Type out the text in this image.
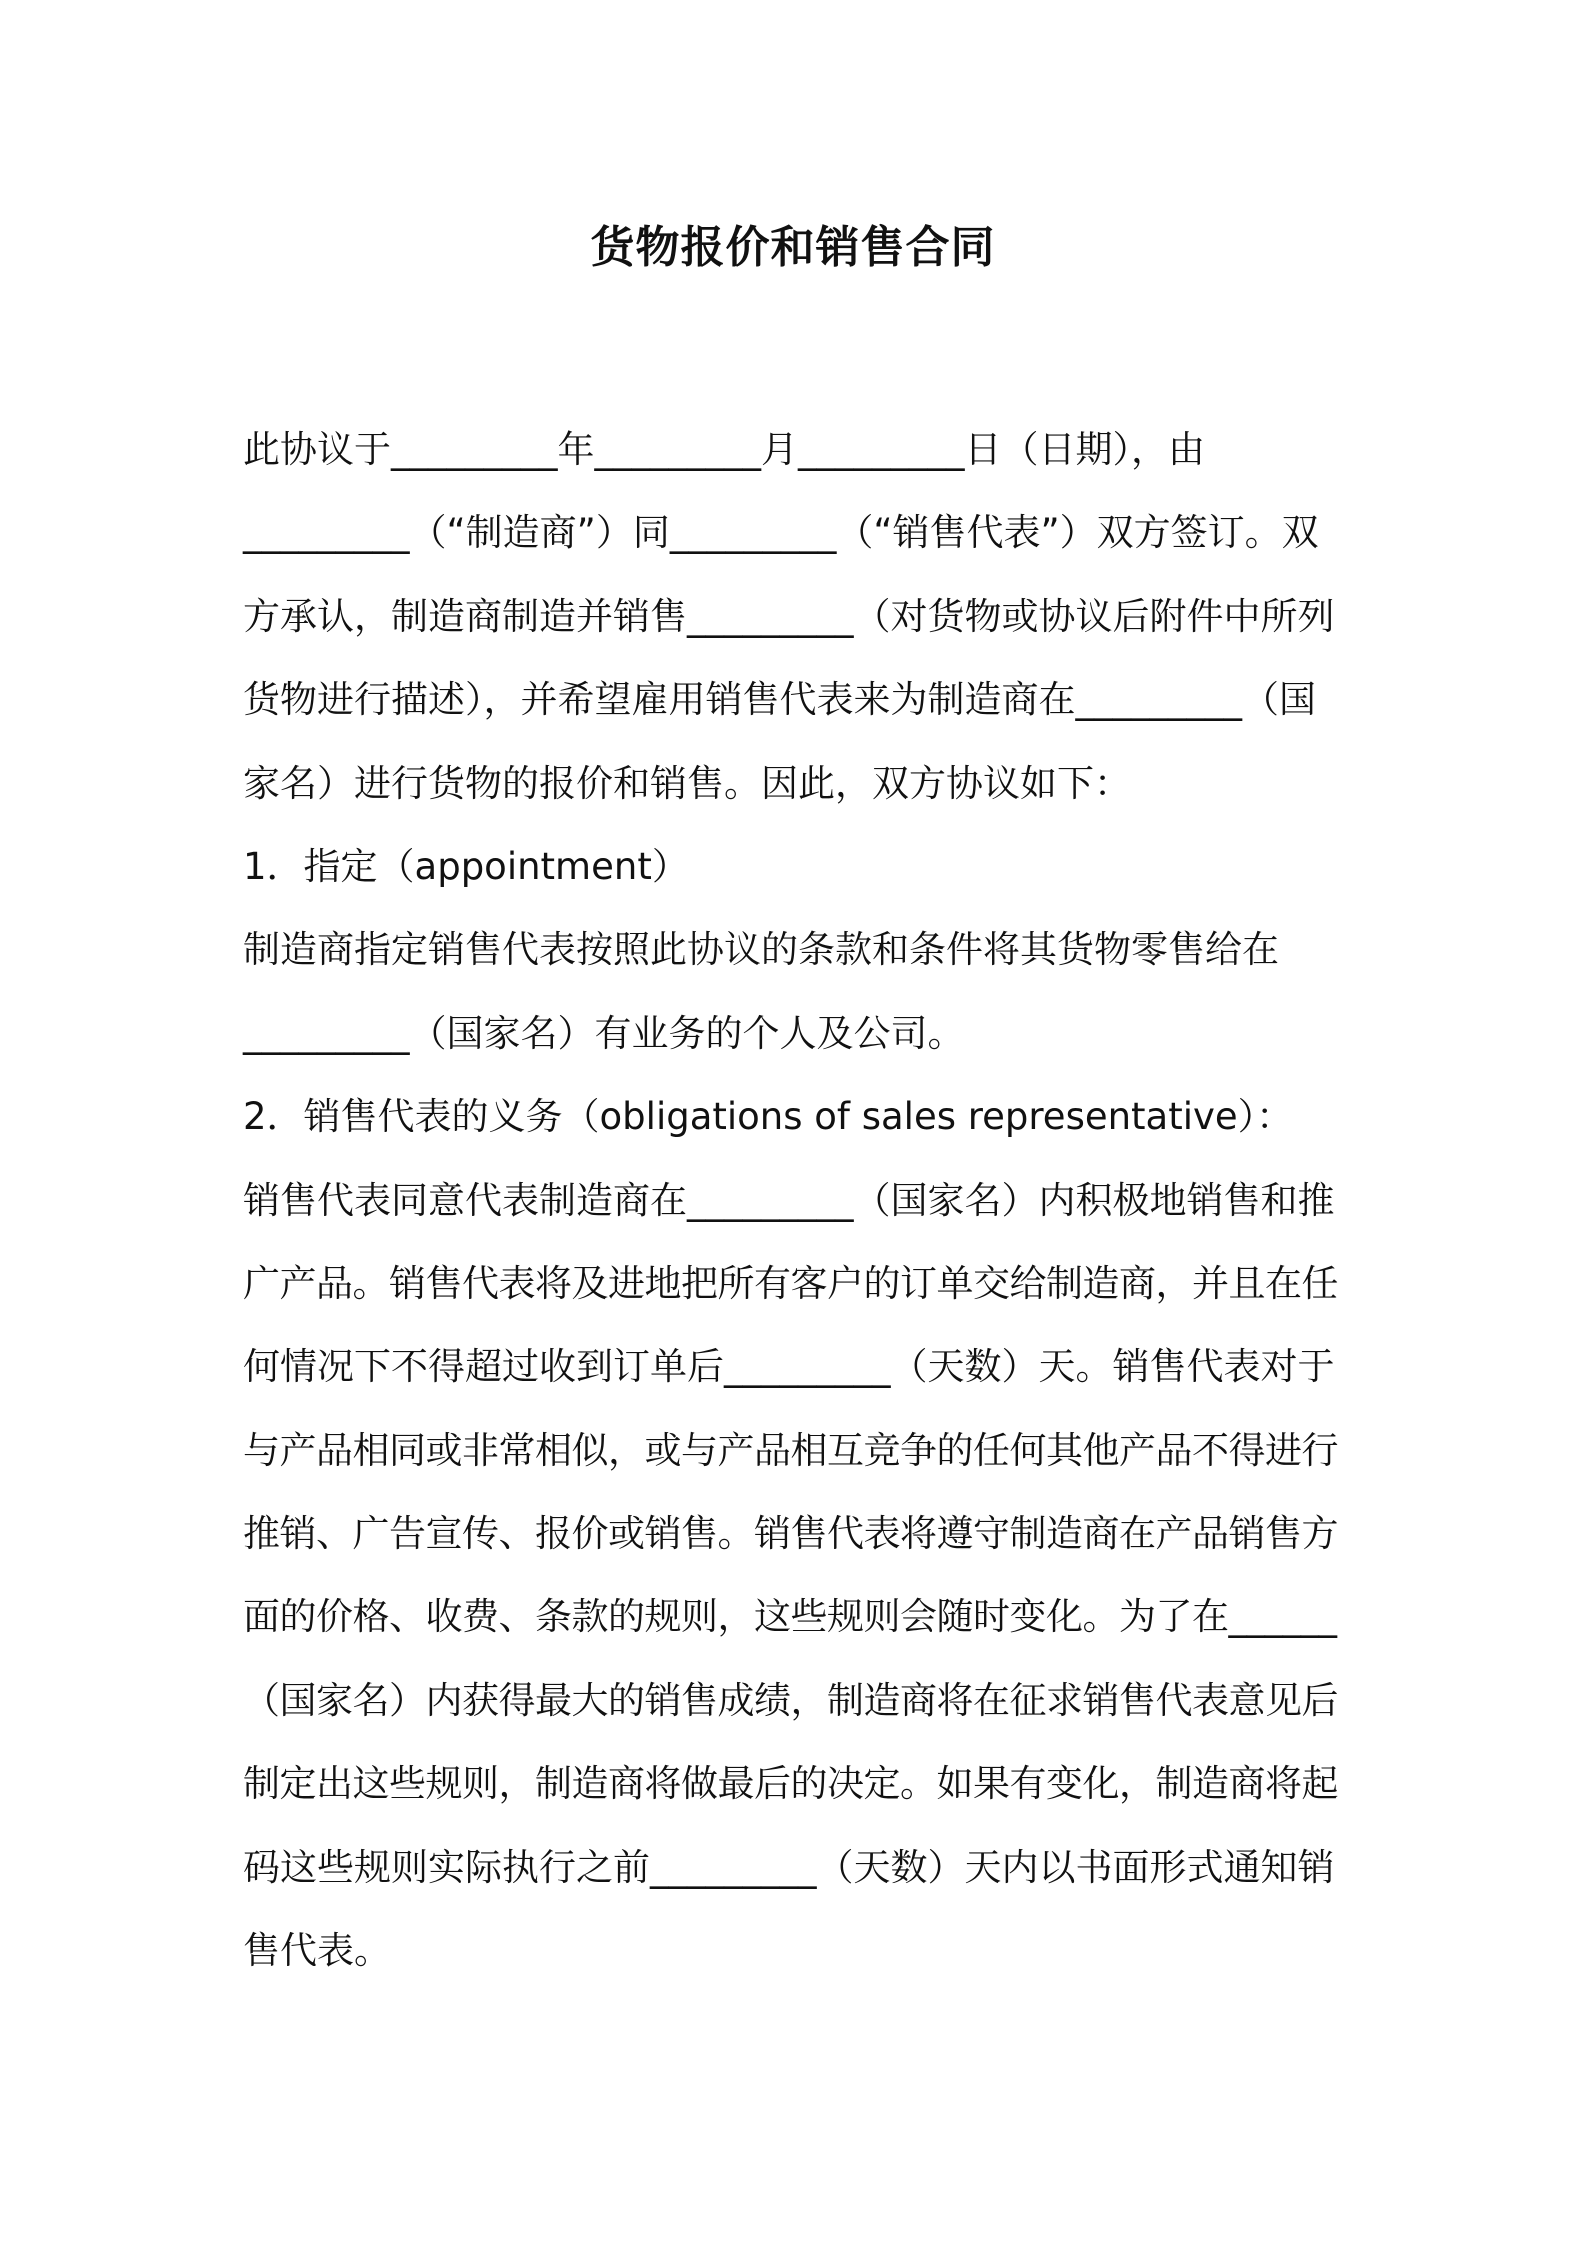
货物报价和销售合同
此协议于_________年_________月_________日（日期），由
_________（“制造商”）同_________（“销售代表”）双方签订。双
方承认，制造商制造并销售_________（对货物或协议后附件中所列
货物进行描述），并希望雇用销售代表来为制造商在_________（国
家名）进行货物的报价和销售。因此，双方协议如下：
1．指定（appointment）
制造商指定销售代表按照此协议的条款和条件将其货物零售给在
_________（国家名）有业务的个人及公司。
2．销售代表的义务（obligations of sales representative）：
销售代表同意代表制造商在_________（国家名）内积极地销售和推
广产品。销售代表将及进地把所有客户的订单交给制造商，并且在任
何情况下不得超过收到订单后_________（天数）天。销售代表对于
与产品相同或非常相似，或与产品相互竞争的任何其他产品不得进行
推销、广告宣传、报价或销售。销售代表将遵守制造商在产品销售方
面的价格、收费、条款的规则，这些规则会随时变化。为了在______
（国家名）内获得最大的销售成绩，制造商将在征求销售代表意见后
制定出这些规则，制造商将做最后的决定。如果有变化，制造商将起
码这些规则实际执行之前_________（天数）天内以书面形式通知销
售代表。
